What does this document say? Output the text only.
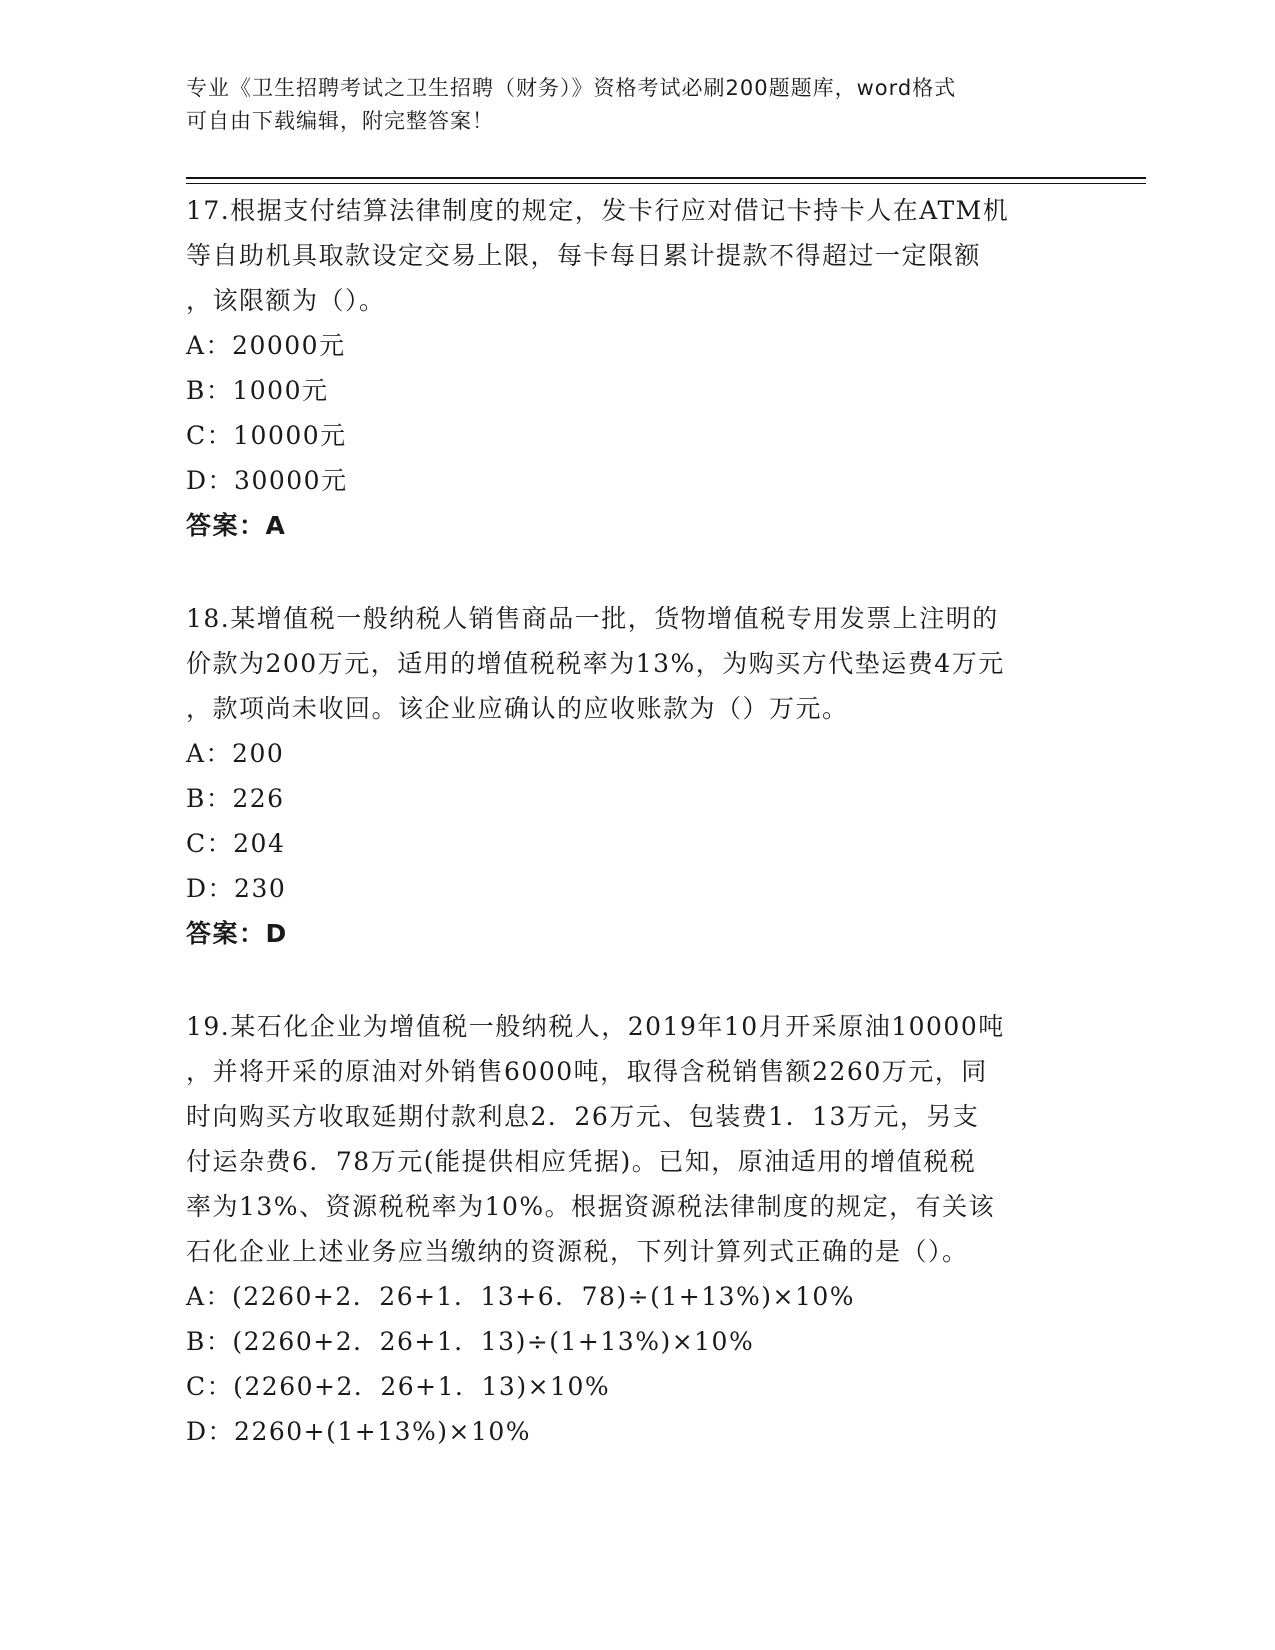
专业《卫生招聘考试之卫生招聘（财务）》资格考试必刷200题题库，word格式
可自由下载编辑，附完整答案！
17.根据支付结算法律制度的规定，发卡行应对借记卡持卡人在ATM机
等自助机具取款设定交易上限，每卡每日累计提款不得超过一定限额
，该限额为（）。
A：20000元
B：1000元
C：10000元
D：30000元
答案：A
18.某增值税一般纳税人销售商品一批，货物增值税专用发票上注明的
价款为200万元，适用的增值税税率为13%，为购买方代垫运费4万元
，款项尚未收回。该企业应确认的应收账款为（）万元。
A：200
B：226
C：204
D：230
答案：D
19.某石化企业为增值税一般纳税人，2019年10月开采原油10000吨
，并将开采的原油对外销售6000吨，取得含税销售额2260万元，同
时向购买方收取延期付款利息2．26万元、包装费1．13万元，另支
付运杂费6．78万元(能提供相应凭据)。已知，原油适用的增值税税
率为13%、资源税税率为10%。根据资源税法律制度的规定，有关该
石化企业上述业务应当缴纳的资源税，下列计算列式正确的是（）。
A：(2260+2．26+1．13+6．78)÷(1+13%)×10%
B：(2260+2．26+1．13)÷(1+13%)×10%
C：(2260+2．26+1．13)×10%
D：2260+(1+13%)×10%
